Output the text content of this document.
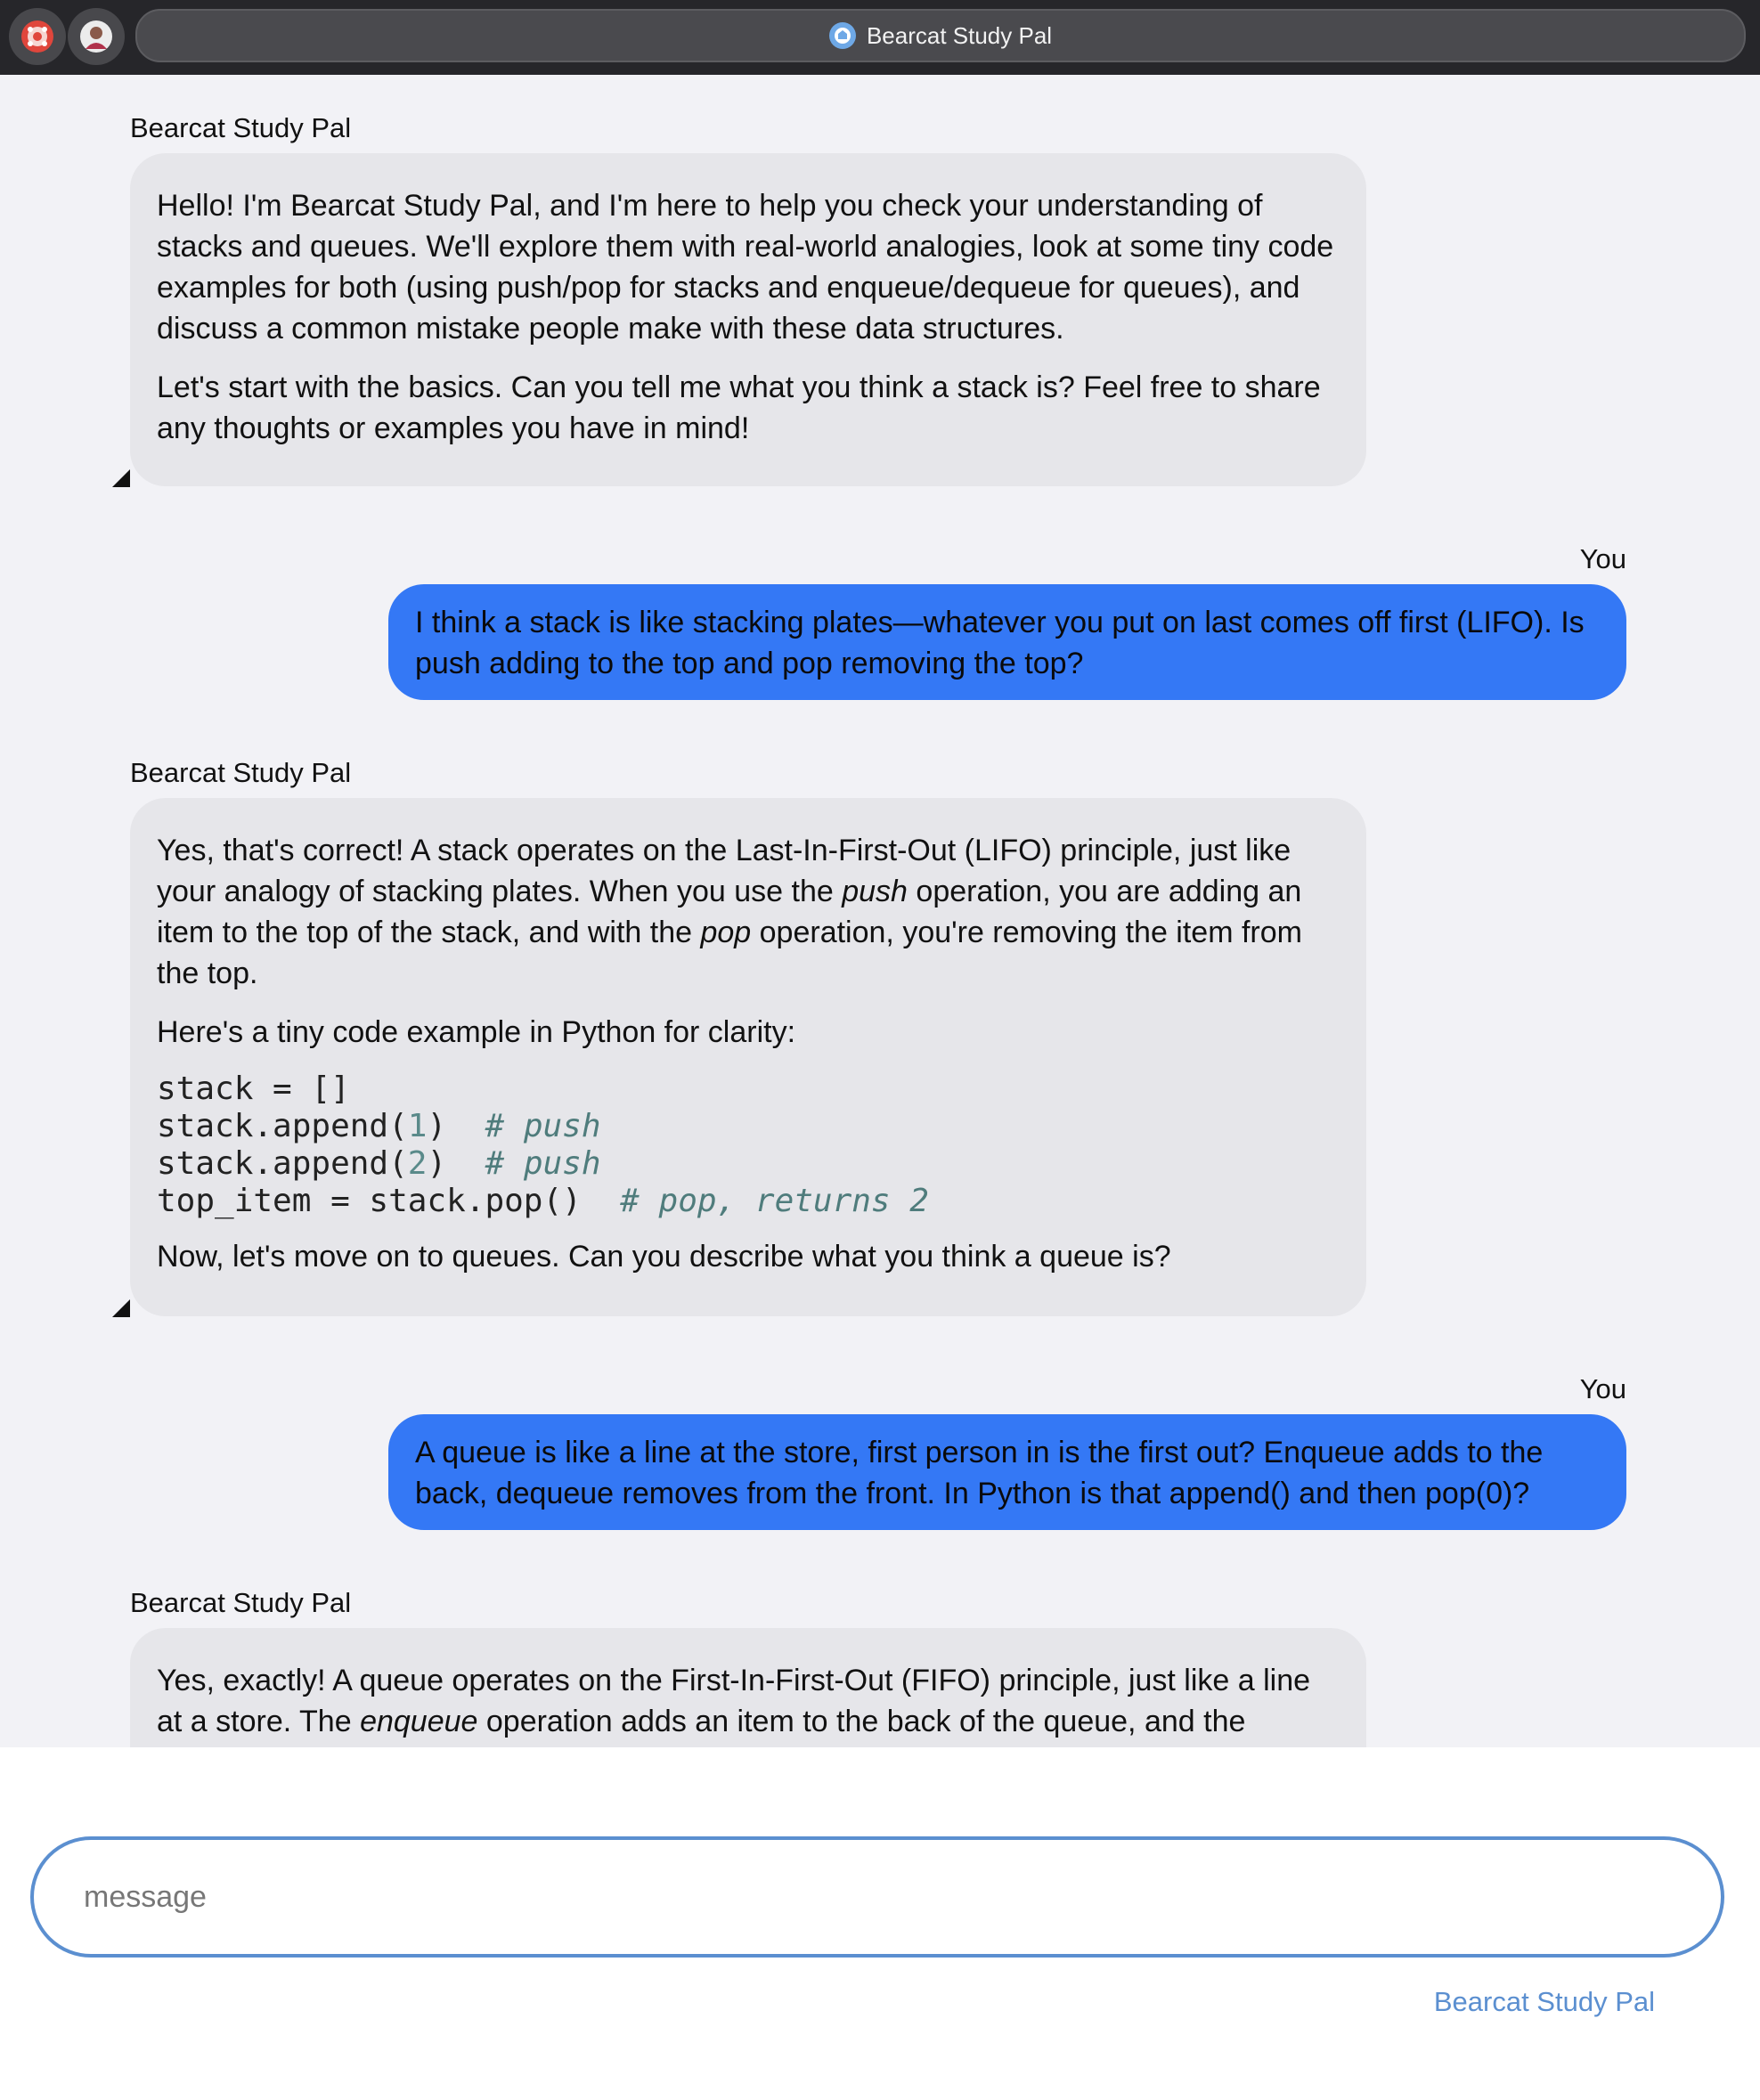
Bearcat Study Pal
Bearcat Study Pal

Hello! I'm Bearcat Study Pal, and I'm here to help you check your understanding of stacks and queues. We'll explore them with real-world analogies, look at some tiny code examples for both (using push/pop for stacks and enqueue/dequeue for queues), and discuss a common mistake people make with these data structures.

Let's start with the basics. Can you tell me what you think a stack is? Feel free to share any thoughts or examples you have in mind!

You

I think a stack is like stacking plates—whatever you put on last comes off first (LIFO). Is push adding to the top and pop removing the top?

Bearcat Study Pal

Yes, that's correct! A stack operates on the Last-In-First-Out (LIFO) principle, just like your analogy of stacking plates. When you use the push operation, you are adding an item to the top of the stack, and with the pop operation, you're removing the item from the top.

Here's a tiny code example in Python for clarity:

stack = []
stack.append(1)  # push
stack.append(2)  # push
top_item = stack.pop()  # pop, returns 2

Now, let's move on to queues. Can you describe what you think a queue is?

You

A queue is like a line at the store, first person in is the first out? Enqueue adds to the back, dequeue removes from the front. In Python is that append() and then pop(0)?

Bearcat Study Pal

Yes, exactly! A queue operates on the First-In-First-Out (FIFO) principle, just like a line at a store. The enqueue operation adds an item to the back of the queue, and the

message
Bearcat Study Pal
